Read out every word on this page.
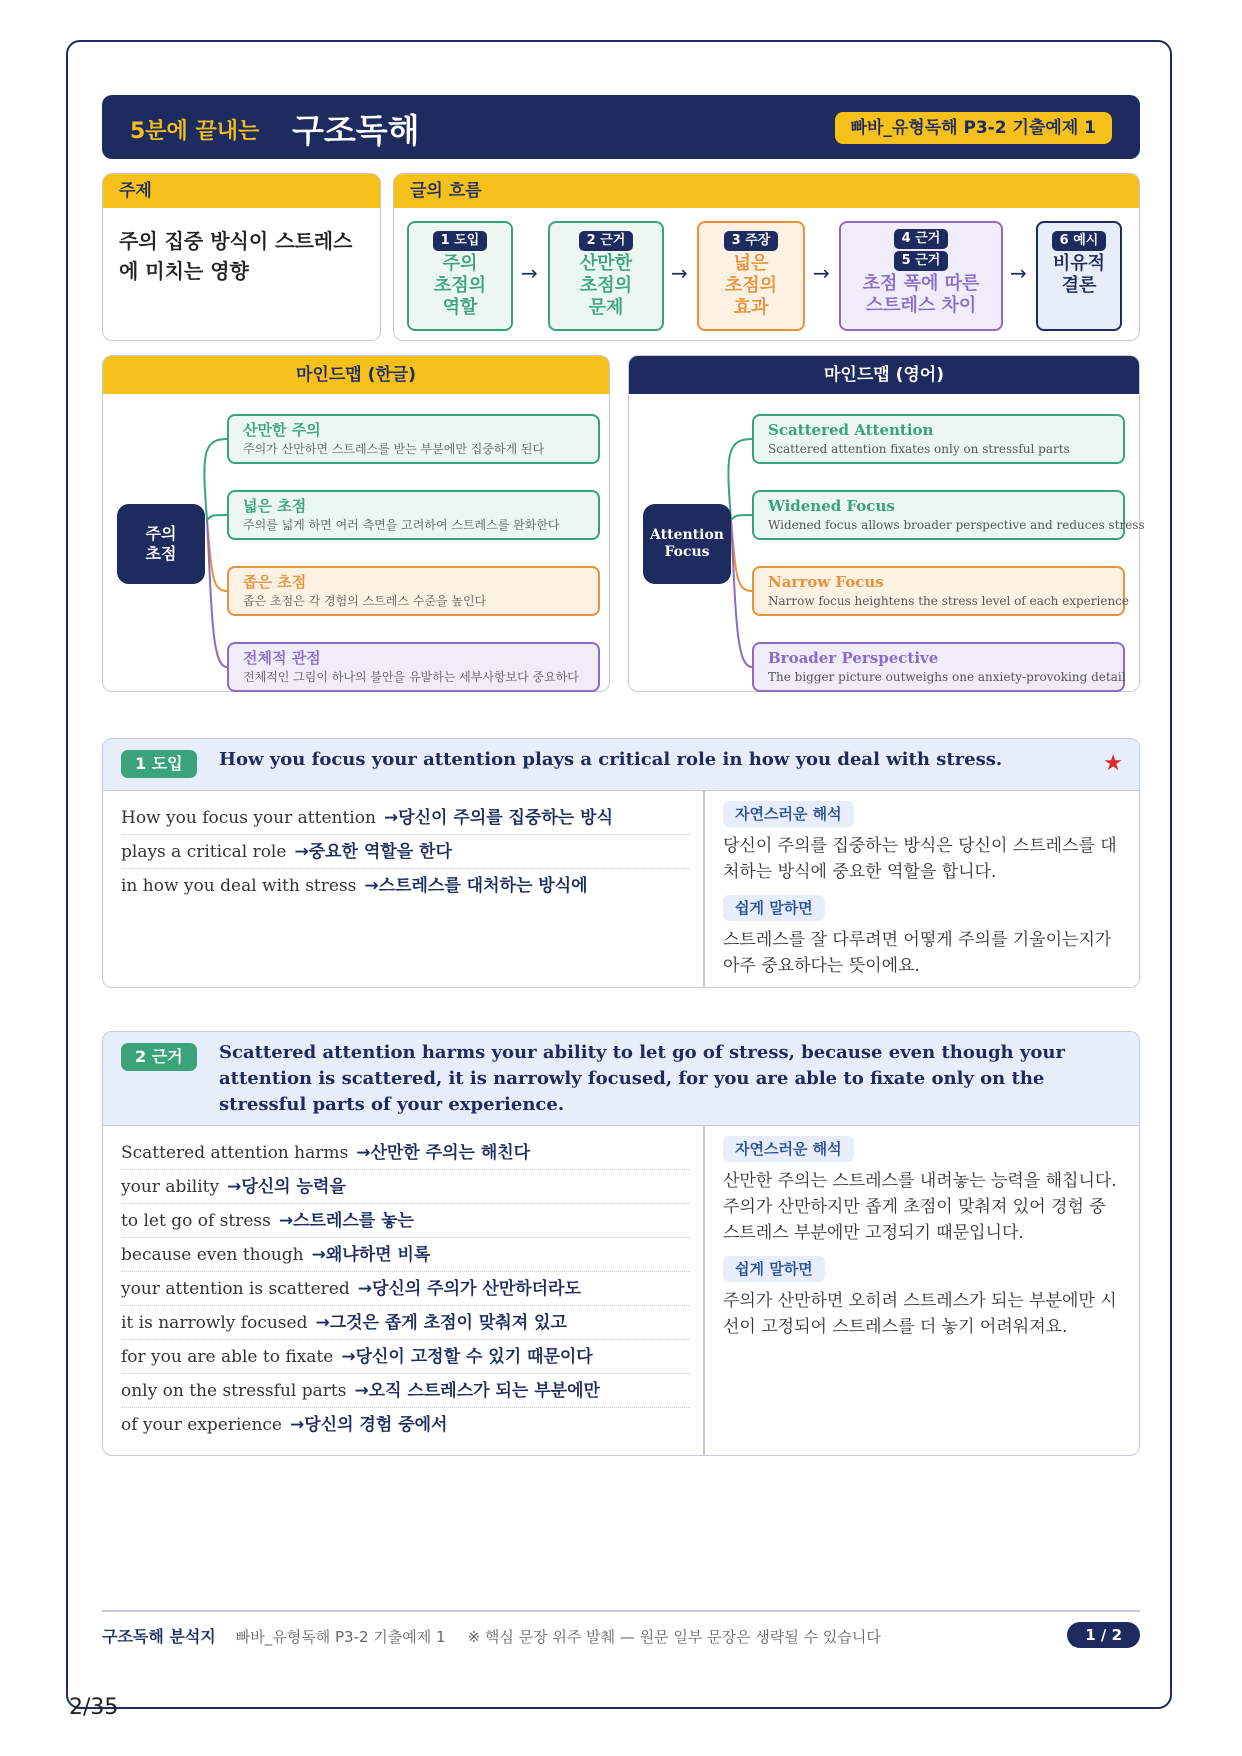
5분에 끝내는 구조독해	빠바_유형독해 P3-2 기출예제 1
주제
주의 집중 방식이 스트레스
에 미치는 영향
글의 흐름
1 도입
주의
초점의
역할
→
2 근거
산만한
초점의
문제
→
3 주장
넓은
초점의
효과
→
4 근거
5 근거
초점 폭에 따른
스트레스 차이
→
6 예시
비유적
결론
마인드맵 (한글)
주의
초점
산만한 주의
주의가 산만하면 스트레스를 받는 부분에만 집중하게 된다
넓은 초점
주의를 넓게 하면 여러 측면을 고려하여 스트레스를 완화한다
좁은 초점
좁은 초점은 각 경험의 스트레스 수준을 높인다
전체적 관점
전체적인 그림이 하나의 불안을 유발하는 세부사항보다 중요하다
마인드맵 (영어)
Attention
Focus
Scattered Attention
Scattered attention fixates only on stressful parts
Widened Focus
Widened focus allows broader perspective and reduces stress
Narrow Focus
Narrow focus heightens the stress level of each experience
Broader Perspective
The bigger picture outweighs one anxiety-provoking detail
1 도입	How you focus your attention plays a critical role in how you deal with stress.	★
How you focus your attention →당신이 주의를 집중하는 방식
plays a critical role →중요한 역할을 한다
in how you deal with stress →스트레스를 대처하는 방식에
자연스러운 해석
당신이 주의를 집중하는 방식은 당신이 스트레스를 대처하는 방식에 중요한 역할을 합니다.
쉽게 말하면
스트레스를 잘 다루려면 어떻게 주의를 기울이는지가 아주 중요하다는 뜻이에요.
2 근거	Scattered attention harms your ability to let go of stress, because even though your attention is scattered, it is narrowly focused, for you are able to fixate only on the stressful parts of your experience.
Scattered attention harms →산만한 주의는 해친다
your ability →당신의 능력을
to let go of stress →스트레스를 놓는
because even though →왜냐하면 비록
your attention is scattered →당신의 주의가 산만하더라도
it is narrowly focused →그것은 좁게 초점이 맞춰져 있고
for you are able to fixate →당신이 고정할 수 있기 때문이다
only on the stressful parts →오직 스트레스가 되는 부분에만
of your experience →당신의 경험 중에서
자연스러운 해석
산만한 주의는 스트레스를 내려놓는 능력을 해칩니다. 주의가 산만하지만 좁게 초점이 맞춰져 있어 경험 중 스트레스 부분에만 고정되기 때문입니다.
쉽게 말하면
주의가 산만하면 오히려 스트레스가 되는 부분에만 시선이 고정되어 스트레스를 더 놓기 어려워져요.
구조독해 분석지 빠바_유형독해 P3-2 기출예제 1 ※ 핵심 문장 위주 발췌 — 원문 일부 문장은 생략될 수 있습니다	1 / 2
2/35
